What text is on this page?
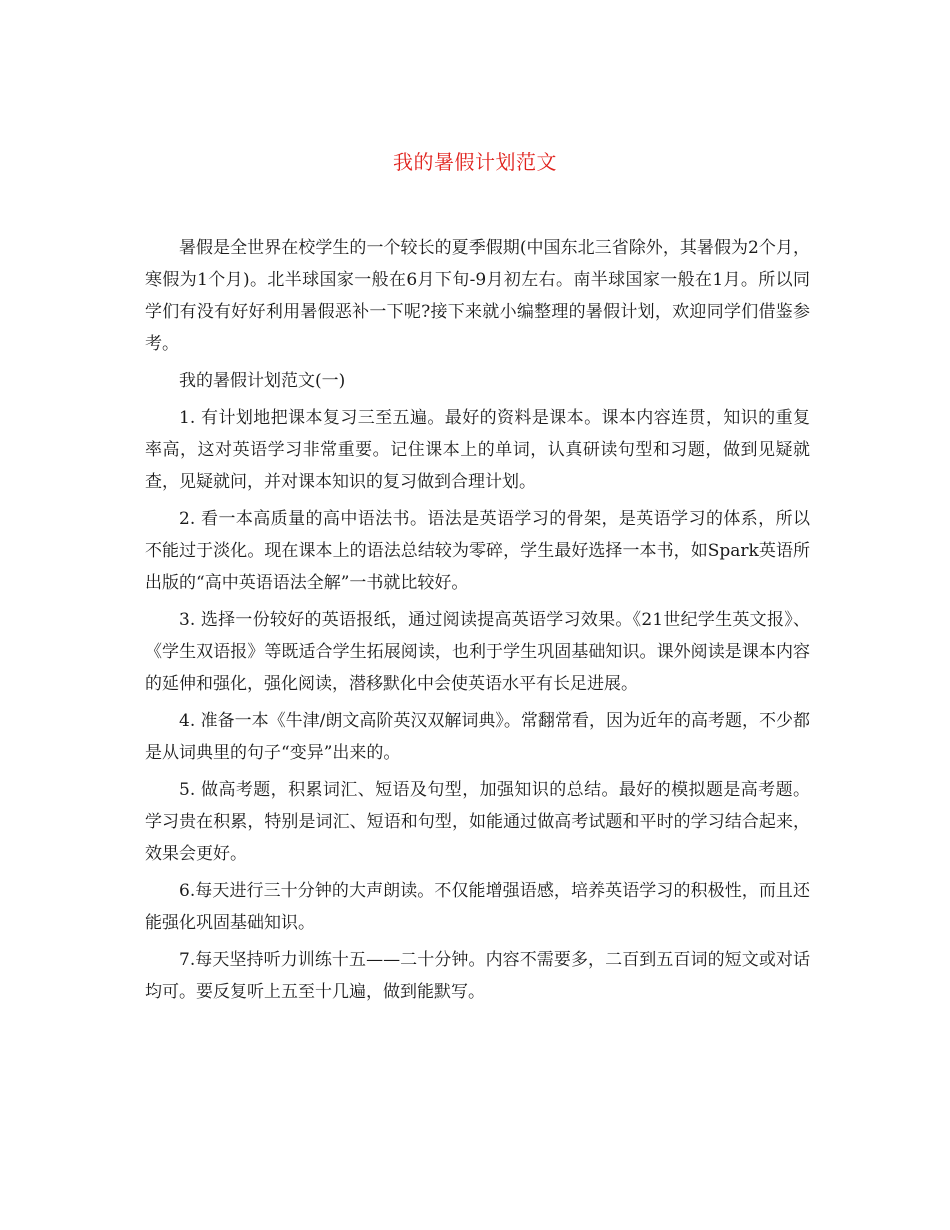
我的暑假计划范文

暑假是全世界在校学生的一个较长的夏季假期(中国东北三省除外，其暑假为2个月，寒假为1个月)。北半球国家一般在6月下旬-9月初左右。南半球国家一般在1月。所以同学们有没有好好利用暑假恶补一下呢?接下来就小编整理的暑假计划，欢迎同学们借鉴参考。

我的暑假计划范文(一)

1. 有计划地把课本复习三至五遍。最好的资料是课本。课本内容连贯，知识的重复率高，这对英语学习非常重要。记住课本上的单词，认真研读句型和习题，做到见疑就查，见疑就问，并对课本知识的复习做到合理计划。

2. 看一本高质量的高中语法书。语法是英语学习的骨架，是英语学习的体系，所以不能过于淡化。现在课本上的语法总结较为零碎，学生最好选择一本书，如Spark英语所出版的“高中英语语法全解”一书就比较好。

3. 选择一份较好的英语报纸，通过阅读提高英语学习效果。《21世纪学生英文报》、《学生双语报》等既适合学生拓展阅读，也利于学生巩固基础知识。课外阅读是课本内容的延伸和强化，强化阅读，潜移默化中会使英语水平有长足进展。

4. 准备一本《牛津/朗文高阶英汉双解词典》。常翻常看，因为近年的高考题，不少都是从词典里的句子“变异”出来的。

5. 做高考题，积累词汇、短语及句型，加强知识的总结。最好的模拟题是高考题。学习贵在积累，特别是词汇、短语和句型，如能通过做高考试题和平时的学习结合起来，效果会更好。

6.每天进行三十分钟的大声朗读。不仅能增强语感，培养英语学习的积极性，而且还能强化巩固基础知识。

7.每天坚持听力训练十五——二十分钟。内容不需要多，二百到五百词的短文或对话均可。要反复听上五至十几遍，做到能默写。
